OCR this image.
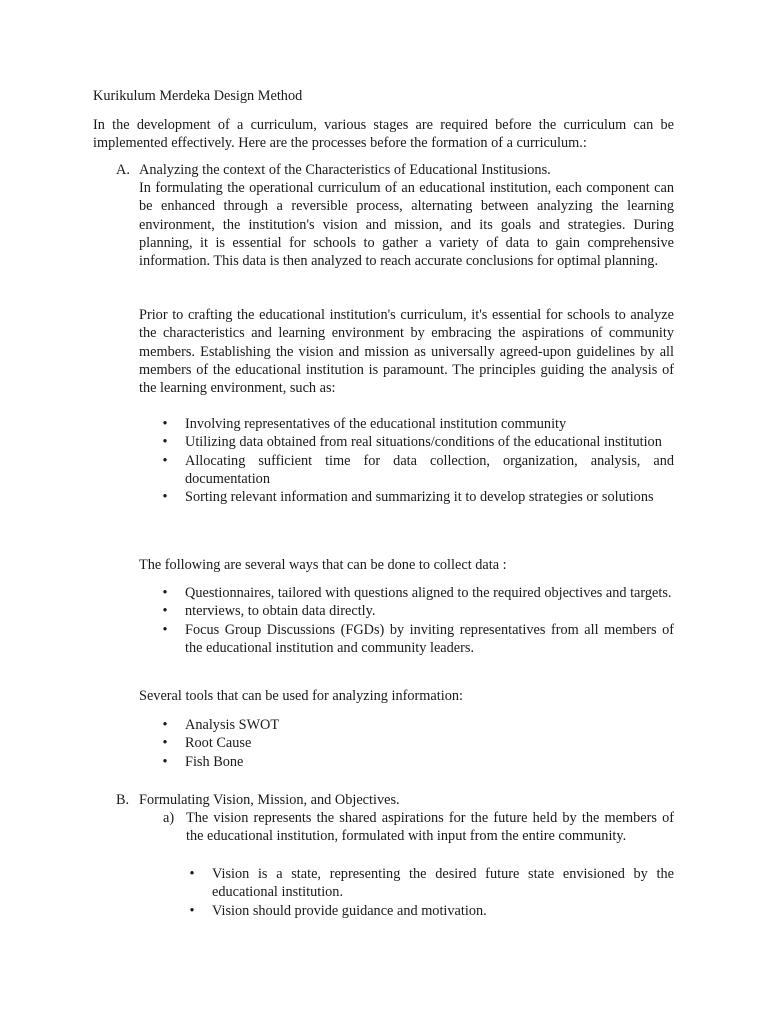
Kurikulum Merdeka Design Method
In the development of a curriculum, various stages are required before the curriculum can be implemented effectively. Here are the processes before the formation of a curriculum.:
A. Analyzing the context of the Characteristics of Educational Institusions.
In formulating the operational curriculum of an educational institution, each component can be enhanced through a reversible process, alternating between analyzing the learning environment, the institution's vision and mission, and its goals and strategies. During planning, it is essential for schools to gather a variety of data to gain comprehensive information. This data is then analyzed to reach accurate conclusions for optimal planning.
Prior to crafting the educational institution's curriculum, it's essential for schools to analyze the characteristics and learning environment by embracing the aspirations of community members. Establishing the vision and mission as universally agreed-upon guidelines by all members of the educational institution is paramount. The principles guiding the analysis of the learning environment, such as:
• Involving representatives of the educational institution community
• Utilizing data obtained from real situations/conditions of the educational institution
• Allocating sufficient time for data collection, organization, analysis, and documentation
• Sorting relevant information and summarizing it to develop strategies or solutions
The following are several ways that can be done to collect data :
• Questionnaires, tailored with questions aligned to the required objectives and targets.
• nterviews, to obtain data directly.
• Focus Group Discussions (FGDs) by inviting representatives from all members of the educational institution and community leaders.
Several tools that can be used for analyzing information:
• Analysis SWOT
• Root Cause
• Fish Bone
B. Formulating Vision, Mission, and Objectives.
a) The vision represents the shared aspirations for the future held by the members of the educational institution, formulated with input from the entire community.
• Vision is a state, representing the desired future state envisioned by the educational institution.
• Vision should provide guidance and motivation.
